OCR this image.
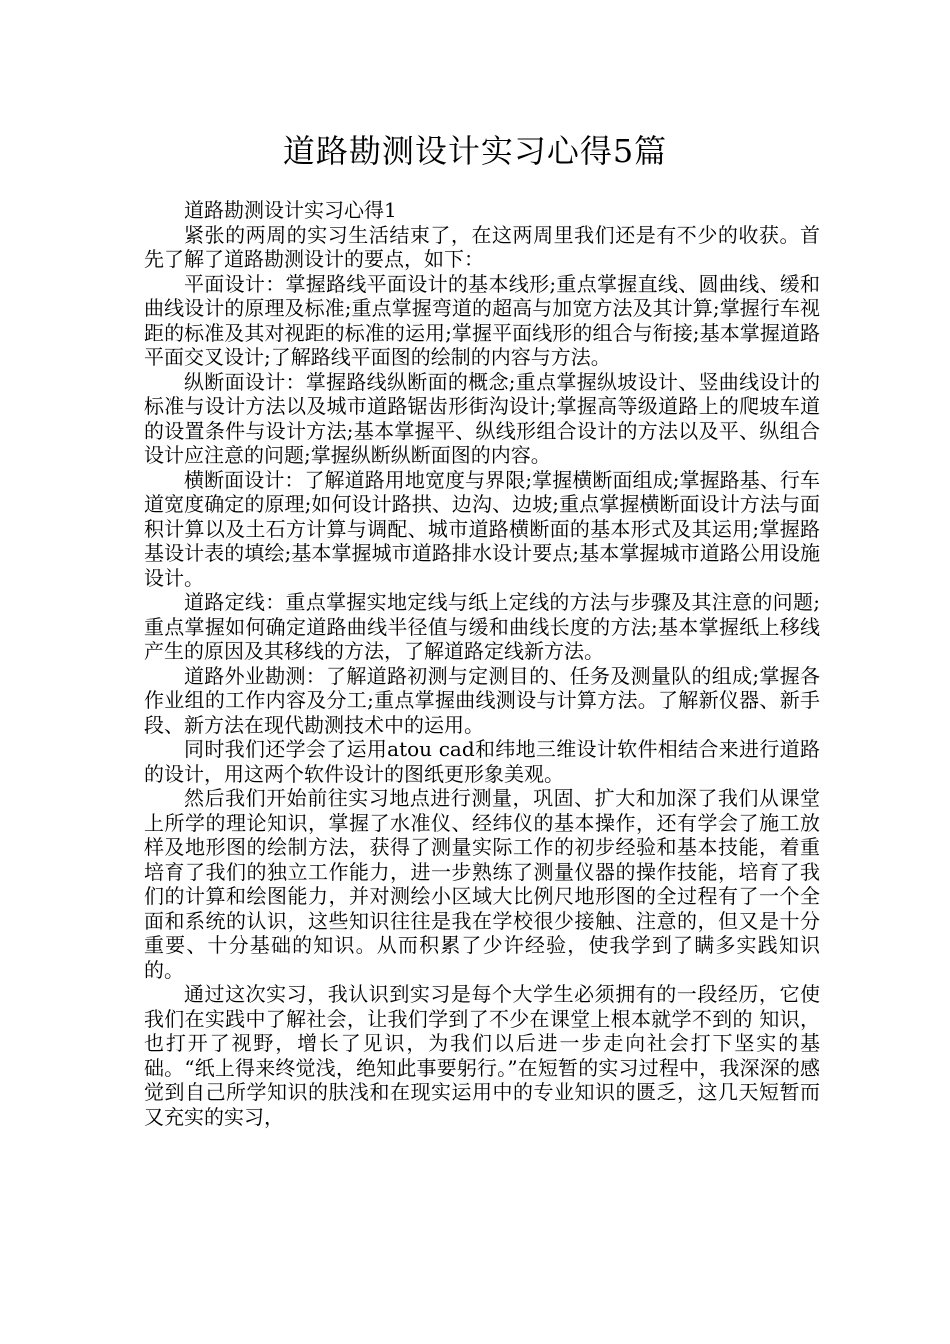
道路勘测设计实习心得5篇

道路勘测设计实习心得1

紧张的两周的实习生活结束了，在这两周里我们还是有不少的收获。首先了解了道路勘测设计的要点，如下：

平面设计：掌握路线平面设计的基本线形;重点掌握直线、圆曲线、缓和曲线设计的原理及标准;重点掌握弯道的超高与加宽方法及其计算;掌握行车视距的标准及其对视距的标准的运用;掌握平面线形的组合与衔接;基本掌握道路平面交叉设计;了解路线平面图的绘制的内容与方法。

纵断面设计：掌握路线纵断面的概念;重点掌握纵坡设计、竖曲线设计的标准与设计方法以及城市道路锯齿形街沟设计;掌握高等级道路上的爬坡车道的设置条件与设计方法;基本掌握平、纵线形组合设计的方法以及平、纵组合设计应注意的问题;掌握纵断纵断面图的内容。

横断面设计：了解道路用地宽度与界限;掌握横断面组成;掌握路基、行车道宽度确定的原理;如何设计路拱、边沟、边坡;重点掌握横断面设计方法与面积计算以及土石方计算与调配、城市道路横断面的基本形式及其运用;掌握路基设计表的填绘;基本掌握城市道路排水设计要点;基本掌握城市道路公用设施设计。

道路定线：重点掌握实地定线与纸上定线的方法与步骤及其注意的问题;重点掌握如何确定道路曲线半径值与缓和曲线长度的方法;基本掌握纸上移线产生的原因及其移线的方法，了解道路定线新方法。

道路外业勘测：了解道路初测与定测目的、任务及测量队的组成;掌握各作业组的工作内容及分工;重点掌握曲线测设与计算方法。了解新仪器、新手段、新方法在现代勘测技术中的运用。

同时我们还学会了运用atou cad和纬地三维设计软件相结合来进行道路的设计，用这两个软件设计的图纸更形象美观。

然后我们开始前往实习地点进行测量，巩固、扩大和加深了我们从课堂上所学的理论知识，掌握了水准仪、经纬仪的基本操作，还有学会了施工放样及地形图的绘制方法，获得了测量实际工作的初步经验和基本技能，着重培育了我们的独立工作能力，进一步熟练了测量仪器的操作技能，培育了我们的计算和绘图能力，并对测绘小区域大比例尺地形图的全过程有了一个全面和系统的认识，这些知识往往是我在学校很少接触、注意的，但又是十分重要、十分基础的知识。从而积累了少许经验，使我学到了瞒多实践知识的。

通过这次实习，我认识到实习是每个大学生必须拥有的一段经历，它使我们在实践中了解社会，让我们学到了不少在课堂上根本就学不到的 知识，也打开了视野，增长了见识，为我们以后进一步走向社会打下坚实的基础。“纸上得来终觉浅，绝知此事要躬行。”在短暂的实习过程中，我深深的感觉到自己所学知识的肤浅和在现实运用中的专业知识的匮乏，这几天短暂而又充实的实习，
